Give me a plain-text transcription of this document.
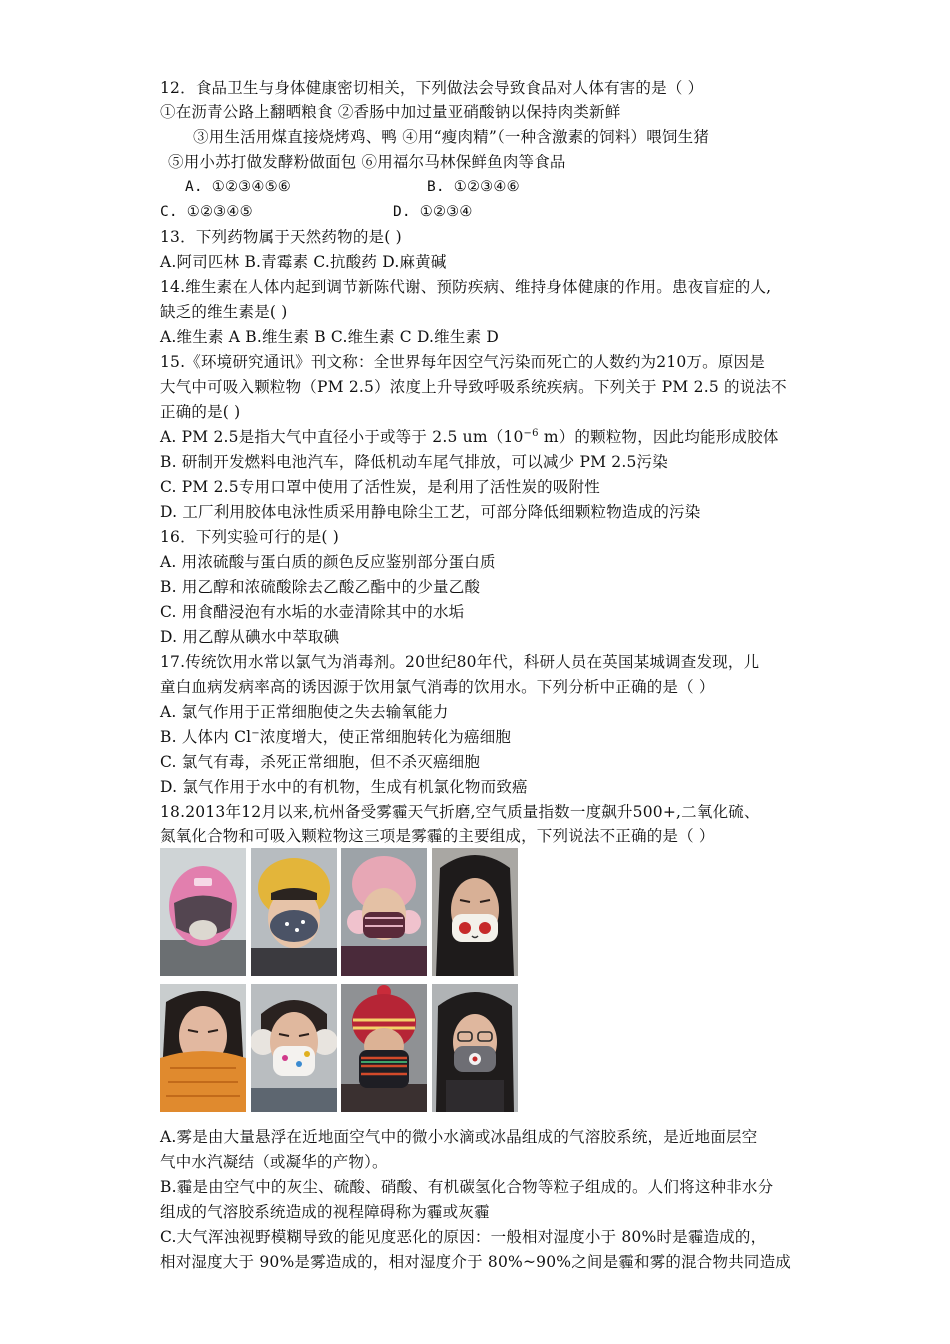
12．食品卫生与身体健康密切相关，下列做法会导致食品对人体有害的是（ ）
①在沥青公路上翻晒粮食 ②香肠中加过量亚硝酸钠以保持肉类新鲜
③用生活用煤直接烧烤鸡、鸭 ④用“瘦肉精”（一种含激素的饲料）喂饲生猪
⑤用小苏打做发酵粉做面包 ⑥用福尔马林保鲜鱼肉等食品
A. ①②③④⑤⑥	B. ①②③④⑥
C. ①②③④⑤	D. ①②③④
13．下列药物属于天然药物的是( )
A.阿司匹林 B.青霉素 C.抗酸药 D.麻黄碱
14.维生素在人体内起到调节新陈代谢、预防疾病、维持身体健康的作用。患夜盲症的人,
缺乏的维生素是( )
A.维生素 A B.维生素 B C.维生素 C D.维生素 D
15.《环境研究通讯》刊文称：全世界每年因空气污染而死亡的人数约为210万。原因是
大气中可吸入颗粒物（PM 2.5）浓度上升导致呼吸系统疾病。下列关于 PM 2.5 的说法不
正确的是( )
A. PM 2.5是指大气中直径小于或等于 2.5 $um(10^{-6}$ m）的颗粒物，因此均能形成胶体
B. 研制开发燃料电池汽车，降低机动车尾气排放，可以减少 PM 2.5污染
C. PM 2.5专用口罩中使用了活性炭，是利用了活性炭的吸附性
D. 工厂利用胶体电泳性质采用静电除尘工艺，可部分降低细颗粒物造成的污染
16．下列实验可行的是( )
A. 用浓硫酸与蛋白质的颜色反应鉴别部分蛋白质
B. 用乙醇和浓硫酸除去乙酸乙酯中的少量乙酸
C. 用食醋浸泡有水垢的水壶清除其中的水垢
D. 用乙醇从碘水中萃取碘
17.传统饮用水常以氯气为消毒剂。20世纪80年代，科研人员在英国某城调查发现，儿
童白血病发病率高的诱因源于饮用氯气消毒的饮用水。下列分析中正确的是（ ）
A. 氯气作用于正常细胞使之失去输氧能力
B. 人体内 Cl−浓度增大，使正常细胞转化为癌细胞
C. 氯气有毒，杀死正常细胞，但不杀灭癌细胞
D. 氯气作用于水中的有机物，生成有机氯化物而致癌
18.2013年12月以来,杭州备受雾霾天气折磨,空气质量指数一度飙升500+,二氧化硫、
氮氧化合物和可吸入颗粒物这三项是雾霾的主要组成，下列说法不正确的是（ ）
A.雾是由大量悬浮在近地面空气中的微小水滴或冰晶组成的气溶胶系统，是近地面层空
气中水汽凝结（或凝华的产物）。
B.霾是由空气中的灰尘、硫酸、硝酸、有机碳氢化合物等粒子组成的。人们将这种非水分
组成的气溶胶系统造成的视程障碍称为霾或灰霾
C.大气浑浊视野模糊导致的能见度恶化的原因：一般相对湿度小于 80%时是霾造成的，
相对湿度大于 90%是雾造成的，相对湿度介于 80%~90%之间是霾和雾的混合物共同造成
